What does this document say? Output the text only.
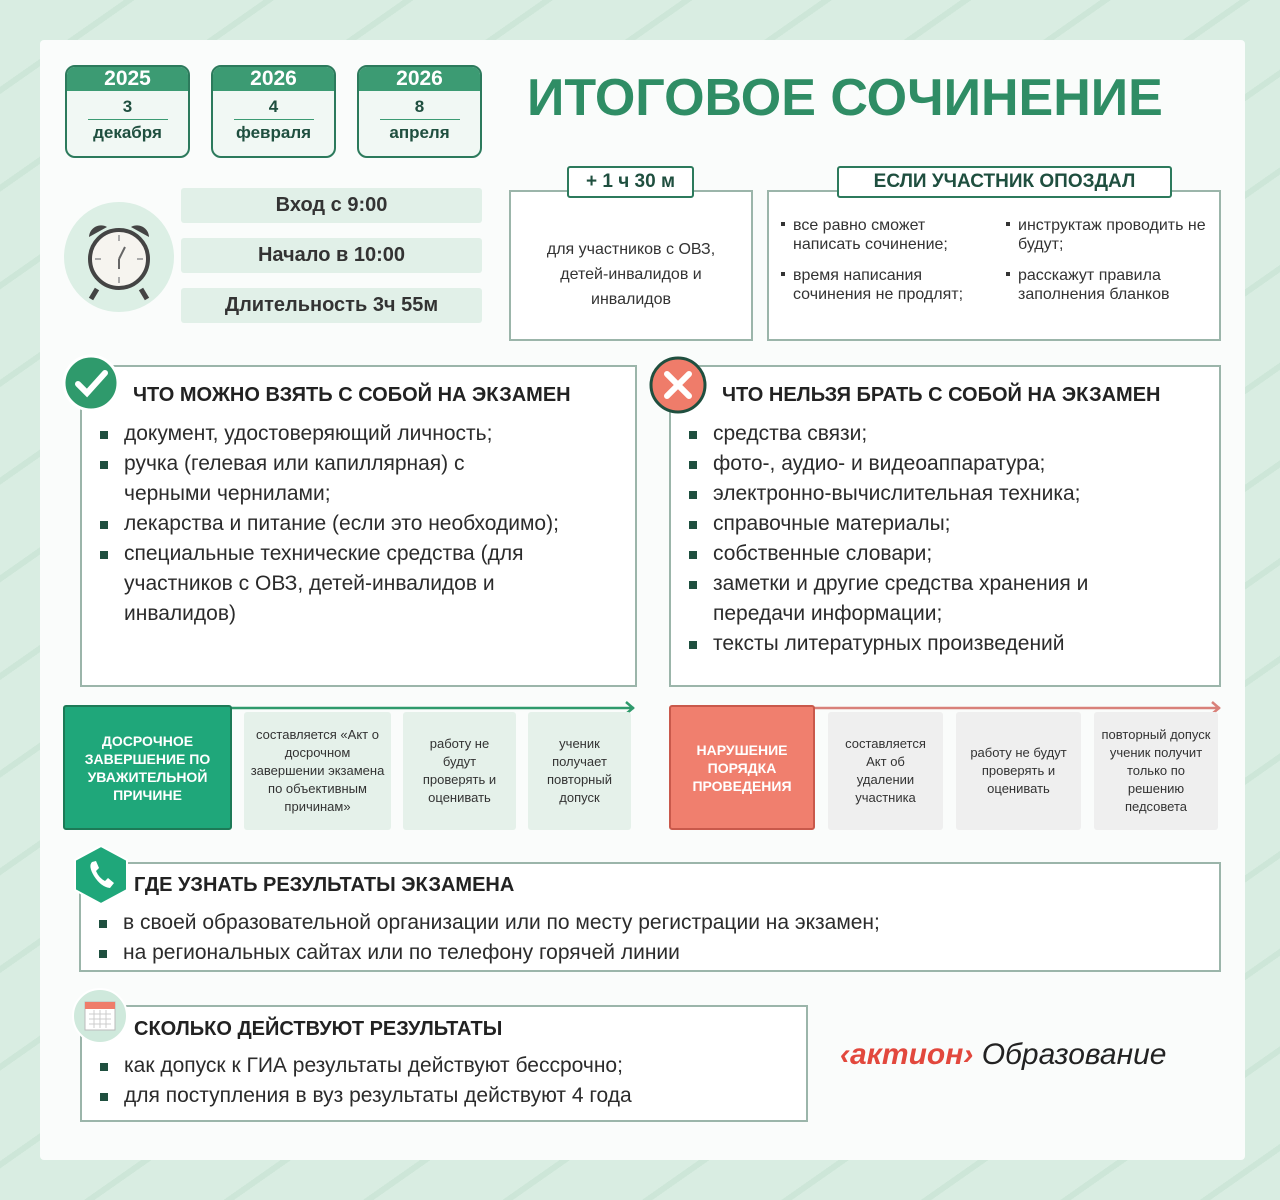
2025
3
декабря
2026
4
февраля
2026
8
апреля
ИТОГОВОЕ СОЧИНЕНИЕ
Вход с 9:00
Начало в 10:00
Длительность 3ч 55м
для участников с ОВЗ, детей-инвалидов и инвалидов
+ 1 ч 30 м
все равно сможет написать сочинение;
время написания сочинения не продлят;
инструктаж проводить не будут;
расскажут правила заполнения бланков
ЕСЛИ УЧАСТНИК ОПОЗДАЛ
документ, удостоверяющий личность;
ручка (гелевая или капиллярная) с черными чернилами;
лекарства и питание (если это необходимо);
специальные технические средства (для участников с ОВЗ, детей-инвалидов и инвалидов)
ЧТО МОЖНО ВЗЯТЬ С СОБОЙ НА ЭКЗАМЕН
средства связи;
фото-, аудио- и видеоаппаратура;
электронно-вычислительная техника;
справочные материалы;
собственные словари;
заметки и другие средства хранения и передачи информации;
тексты литературных произведений
ЧТО НЕЛЬЗЯ БРАТЬ С СОБОЙ НА ЭКЗАМЕН
ДОСРОЧНОЕ ЗАВЕРШЕНИЕ ПО УВАЖИТЕЛЬНОЙ ПРИЧИНЕ
составляется «Акт о досрочном завершении экзамена по объективным причинам»
работу не будут проверять и оценивать
ученик получает повторный допуск
НАРУШЕНИЕ ПОРЯДКА ПРОВЕДЕНИЯ
составляется Акт об удалении участника
работу не будут проверять и оценивать
повторный допуск ученик получит только по решению педсовета
в своей образовательной организации или по месту регистрации на экзамен;
на региональных сайтах или по телефону горячей линии
ГДЕ УЗНАТЬ РЕЗУЛЬТАТЫ ЭКЗАМЕНА
как допуск к ГИА результаты действуют бессрочно;
для поступления в вуз результаты действуют 4 года
СКОЛЬКО ДЕЙСТВУЮТ РЕЗУЛЬТАТЫ
‹актион› Образование
